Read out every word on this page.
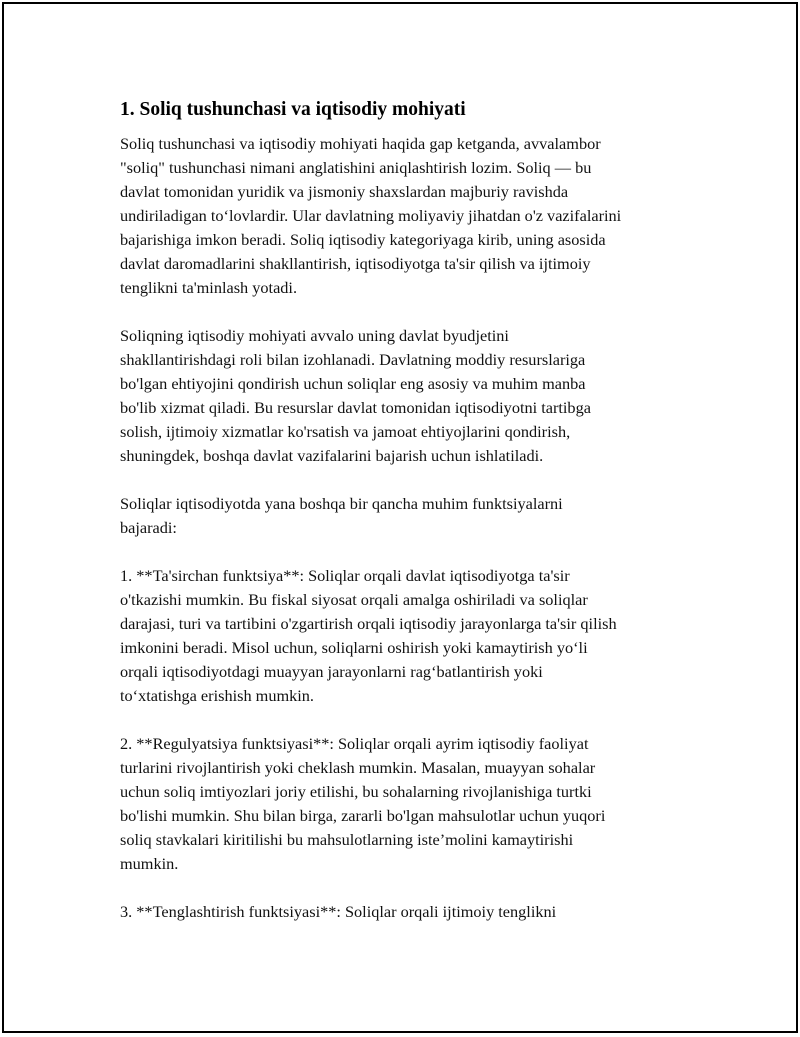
1. Soliq tushunchasi va iqtisodiy mohiyati

Soliq tushunchasi va iqtisodiy mohiyati haqida gap ketganda, avvalambor
"soliq" tushunchasi nimani anglatishini aniqlashtirish lozim. Soliq — bu
davlat tomonidan yuridik va jismoniy shaxslardan majburiy ravishda
undiriladigan to‘lovlardir. Ular davlatning moliyaviy jihatdan o'z vazifalarini
bajarishiga imkon beradi. Soliq iqtisodiy kategoriyaga kirib, uning asosida
davlat daromadlarini shakllantirish, iqtisodiyotga ta'sir qilish va ijtimoiy
tenglikni ta'minlash yotadi.

Soliqning iqtisodiy mohiyati avvalo uning davlat byudjetini
shakllantirishdagi roli bilan izohlanadi. Davlatning moddiy resurslariga
bo'lgan ehtiyojini qondirish uchun soliqlar eng asosiy va muhim manba
bo'lib xizmat qiladi. Bu resurslar davlat tomonidan iqtisodiyotni tartibga
solish, ijtimoiy xizmatlar ko'rsatish va jamoat ehtiyojlarini qondirish,
shuningdek, boshqa davlat vazifalarini bajarish uchun ishlatiladi.

Soliqlar iqtisodiyotda yana boshqa bir qancha muhim funktsiyalarni
bajaradi:

1. **Ta'sirchan funktsiya**: Soliqlar orqali davlat iqtisodiyotga ta'sir
o'tkazishi mumkin. Bu fiskal siyosat orqali amalga oshiriladi va soliqlar
darajasi, turi va tartibini o'zgartirish orqali iqtisodiy jarayonlarga ta'sir qilish
imkonini beradi. Misol uchun, soliqlarni oshirish yoki kamaytirish yo‘li
orqali iqtisodiyotdagi muayyan jarayonlarni rag‘batlantirish yoki
to‘xtatishga erishish mumkin.

2. **Regulyatsiya funktsiyasi**: Soliqlar orqali ayrim iqtisodiy faoliyat
turlarini rivojlantirish yoki cheklash mumkin. Masalan, muayyan sohalar
uchun soliq imtiyozlari joriy etilishi, bu sohalarning rivojlanishiga turtki
bo'lishi mumkin. Shu bilan birga, zararli bo'lgan mahsulotlar uchun yuqori
soliq stavkalari kiritilishi bu mahsulotlarning iste’molini kamaytirishi
mumkin.

3. **Tenglashtirish funktsiyasi**: Soliqlar orqali ijtimoiy tenglikni
